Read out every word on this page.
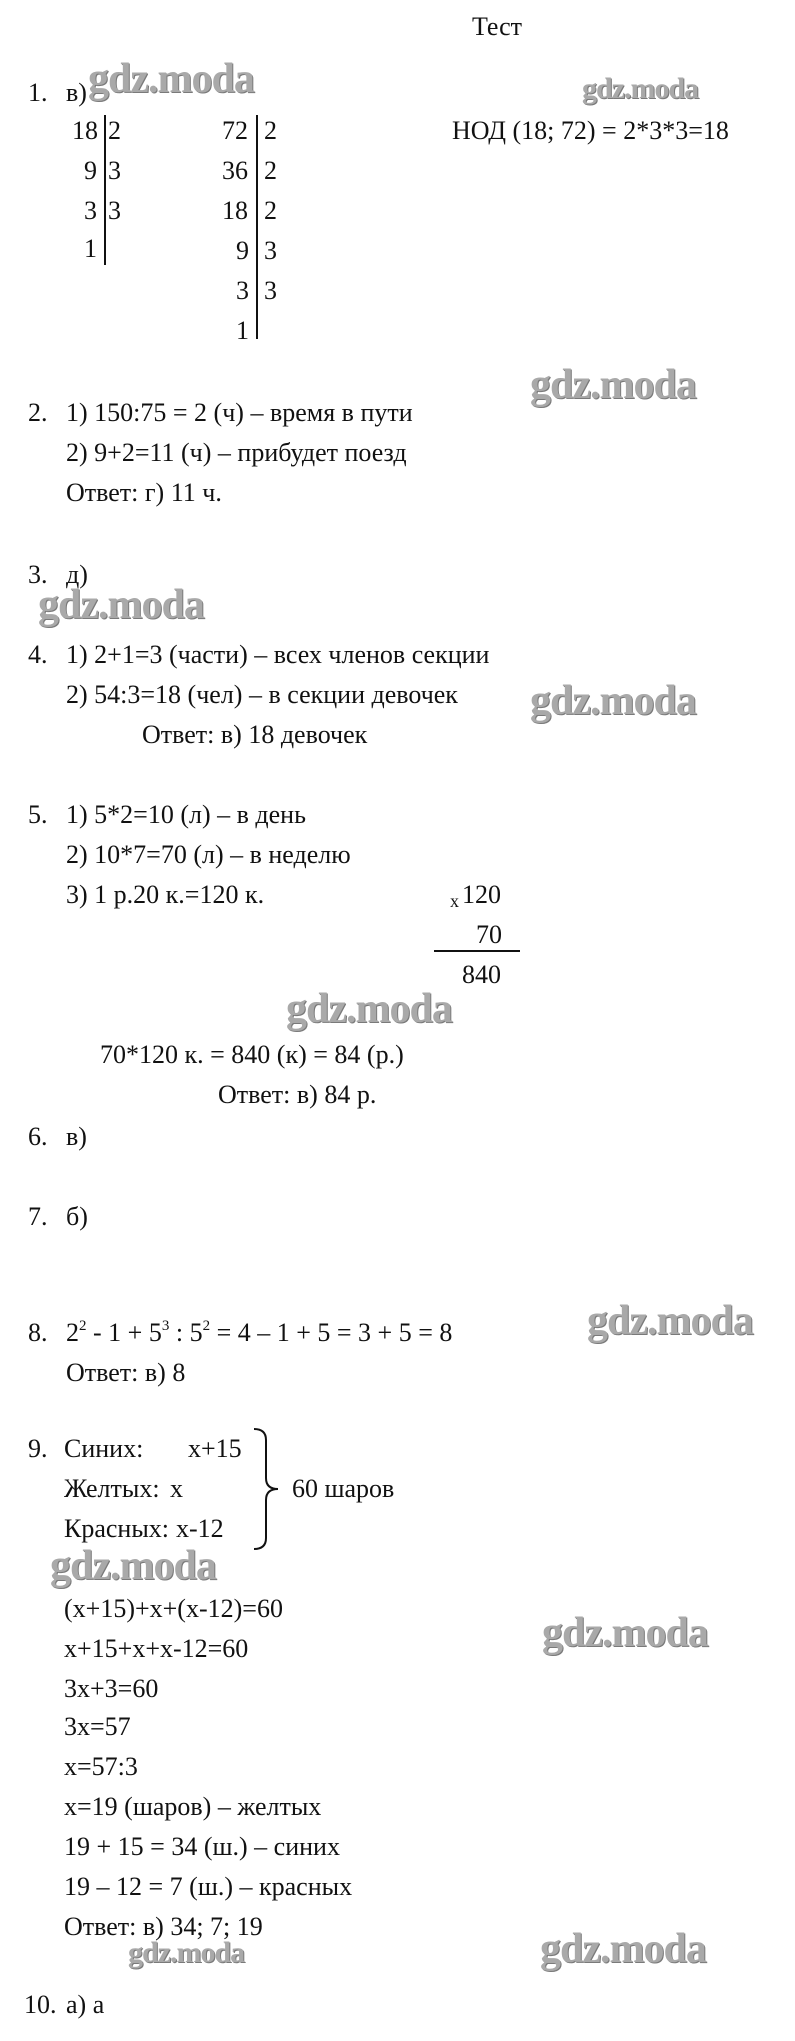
Тест
gdz.moda	gdz.moda
gdz.moda
gdz.moda
gdz.moda
gdz.moda
gdz.moda
gdz.moda
gdz.moda
gdz.moda
gdz.moda
1. в)
18
9
3
1
2
3
3
72
36
18
9
3
1
2
2
2
3
3
НОД (18; 72) = 2*3*3=18
2. 1) 150:75 = 2 (ч) – время в пути
2) 9+2=11 (ч) – прибудет поезд
Ответ: г) 11 ч.
3. д)
4. 1) 2+1=3 (части) – всех членов секции
2) 54:3=18 (чел) – в секции девочек
Ответ: в) 18 девочек
5. 1) 5*2=10 (л) – в день
2) 10*7=70 (л) – в неделю
3) 1 р.20 к.=120 к.	x 120
70
840
70*120 к. = 840 (к) = 84 (р.)
Ответ: в) 84 р.
6. в)
7. б)
8. $2^2 - 1 + 5^3$ : $5^2 = 4 - 1 + 5 = 3 + 5 = 8$
Ответ: в) 8
9. Синих: x+15
Желтых: x
Красных: x-12
60 шаров
(x+15)+x+(x-12)=60
x+15+x+x-12=60
3x+3=60
3x=57
x=57:3
x=19 (шаров) – желтых
19 + 15 = 34 (ш.) – синих
19 – 12 = 7 (ш.) – красных
Ответ: в) 34; 7; 19
10. а) а
